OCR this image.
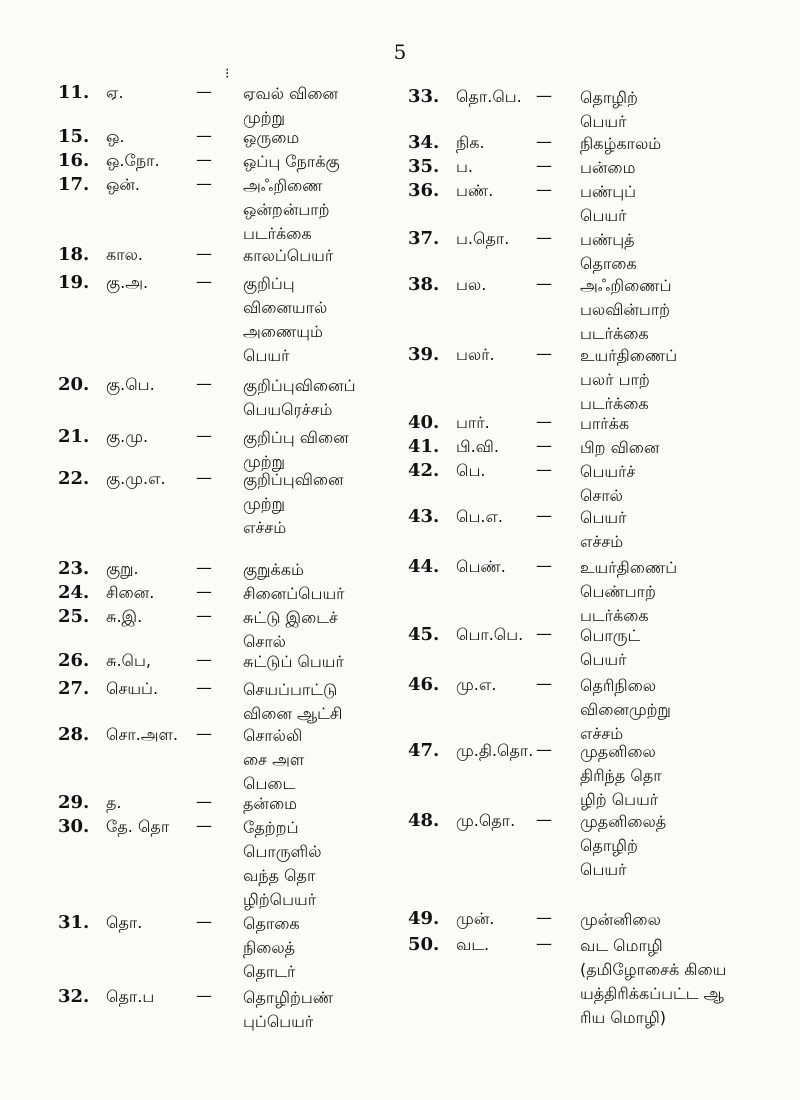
5
11.	ஏ.	— ஏவல் வினை
முற்று
15.	ஒ.	— ஒருமை
16.	ஒ.நோ. — ஒப்பு நோக்கு
17.	ஒன்.	— அஃறிணை
ஒன்றன்பாற்
படர்க்கை
18.	கால.	— காலப்பெயர்
19.	கு.அ.	— குறிப்பு
வினையால்
அணையும்
பெயர்
20.	கு.பெ.	— குறிப்புவினைப்
பெயரெச்சம்
21.	கு.மு.	— குறிப்பு வினை
முற்று
22.	கு.மு.எ. — குறிப்புவினை
முற்று
எச்சம்
23.	குறு.	— குறுக்கம்
24.	சினை.	— சினைப்பெயர்
25.	சு.இ.	— சுட்டு இடைச்
சொல்
26.	சு.பெ,	— சுட்டுப் பெயர்
27.	செயப். — செயப்பாட்டு
வினை ஆட்சி
28.	சொ.அள. — சொல்லி
சை அள
பெடை
29.	த.	— தன்மை
30.	தே. தொ — தேற்றப்
பொருளில்
வந்த தொ
ழிற்பெயர்
31.	தொ.	— தொகை
நிலைத்
தொடர்
32.	தொ.ப	— தொழிற்பண்
புப்பெயர்
33.	தொ.பெ. — தொழிற்
பெயர்
34.	நிக.	— நிகழ்காலம்
35.	ப.	— பன்மை
36.	பண்.	— பண்புப்
பெயர்
37.	ப.தொ. — பண்புத்
தொகை
38.	பல.	— அஃறிணைப்
பலவின்பாற்
படர்க்கை
39.	பலர்.	— உயர்திணைப்
பலர் பாற்
படர்க்கை
40.	பார்.	— பார்க்க
41.	பி.வி. — பிற வினை
42.	பெ.	— பெயர்ச்
சொல்
43.	பெ.எ. — பெயர்
எச்சம்
44.	பெண். — உயர்திணைப்
பெண்பாற்
படர்க்கை
45.	பொ.பெ. — பொருட்
பெயர்
46.	மு.எ. — தெரிநிலை
வினைமுற்று
எச்சம்
47.	மு.தி.தொ. — முதனிலை
திரிந்த தொ
ழிற் பெயர்
48.	மு.தொ. — முதனிலைத்
தொழிற்
பெயர்
49.	முன்.	— முன்னிலை
50.	வட.	— வட மொழி
(தமிழோசைக் கியை
யத்திரிக்கப்பட்ட ஆ
ரிய மொழி)
⁝
